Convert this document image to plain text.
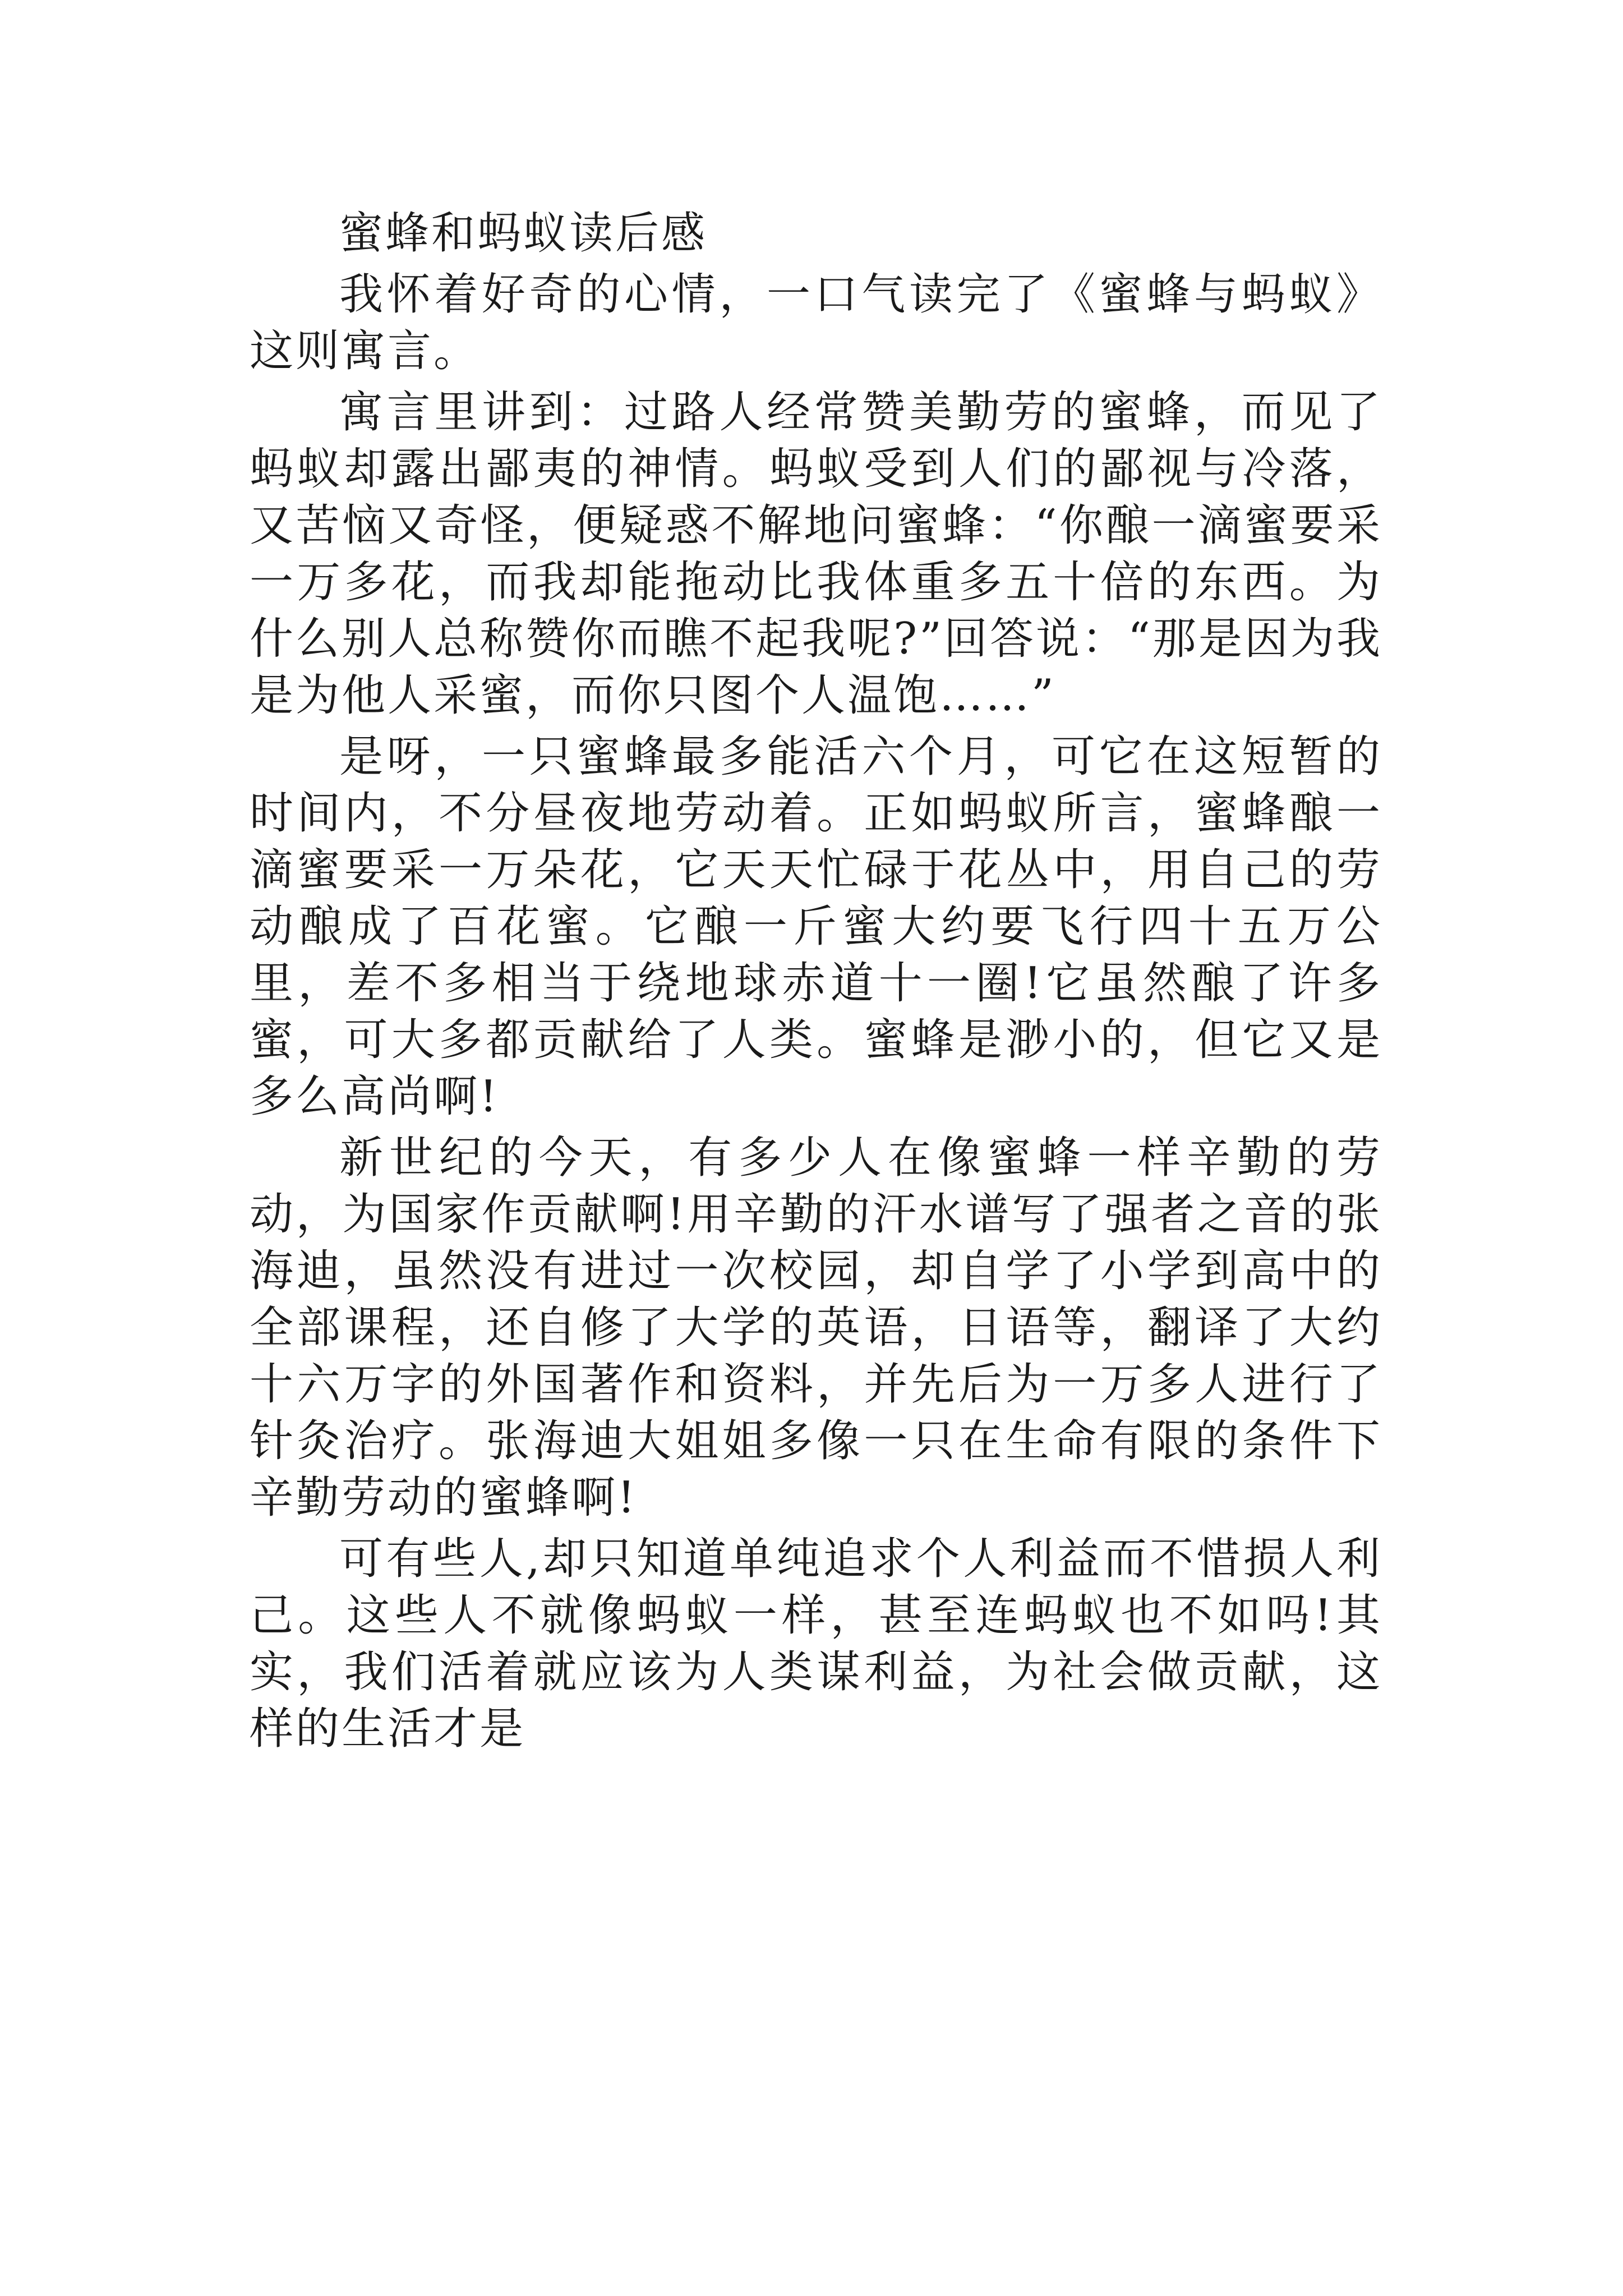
蜜蜂和蚂蚁读后感

我怀着好奇的心情，一口气读完了《蜜蜂与蚂蚁》这则寓言。

寓言里讲到：过路人经常赞美勤劳的蜜蜂，而见了蚂蚁却露出鄙夷的神情。蚂蚁受到人们的鄙视与冷落，又苦恼又奇怪，便疑惑不解地问蜜蜂：“你酿一滴蜜要采一万多花，而我却能拖动比我体重多五十倍的东西。为什么别人总称赞你而瞧不起我呢?”回答说：“那是因为我是为他人采蜜，而你只图个人温饱……”

是呀，一只蜜蜂最多能活六个月，可它在这短暂的时间内，不分昼夜地劳动着。正如蚂蚁所言，蜜蜂酿一滴蜜要采一万朵花，它天天忙碌于花丛中，用自己的劳动酿成了百花蜜。它酿一斤蜜大约要飞行四十五万公里，差不多相当于绕地球赤道十一圈!它虽然酿了许多蜜，可大多都贡献给了人类。蜜蜂是渺小的，但它又是多么高尚啊!

新世纪的今天，有多少人在像蜜蜂一样辛勤的劳动，为国家作贡献啊!用辛勤的汗水谱写了强者之音的张海迪，虽然没有进过一次校园，却自学了小学到高中的全部课程，还自修了大学的英语，日语等，翻译了大约十六万字的外国著作和资料，并先后为一万多人进行了针灸治疗。张海迪大姐姐多像一只在生命有限的条件下辛勤劳动的蜜蜂啊!

可有些人,却只知道单纯追求个人利益而不惜损人利己。这些人不就像蚂蚁一样，甚至连蚂蚁也不如吗!其实，我们活着就应该为人类谋利益，为社会做贡献，这样的生活才是
